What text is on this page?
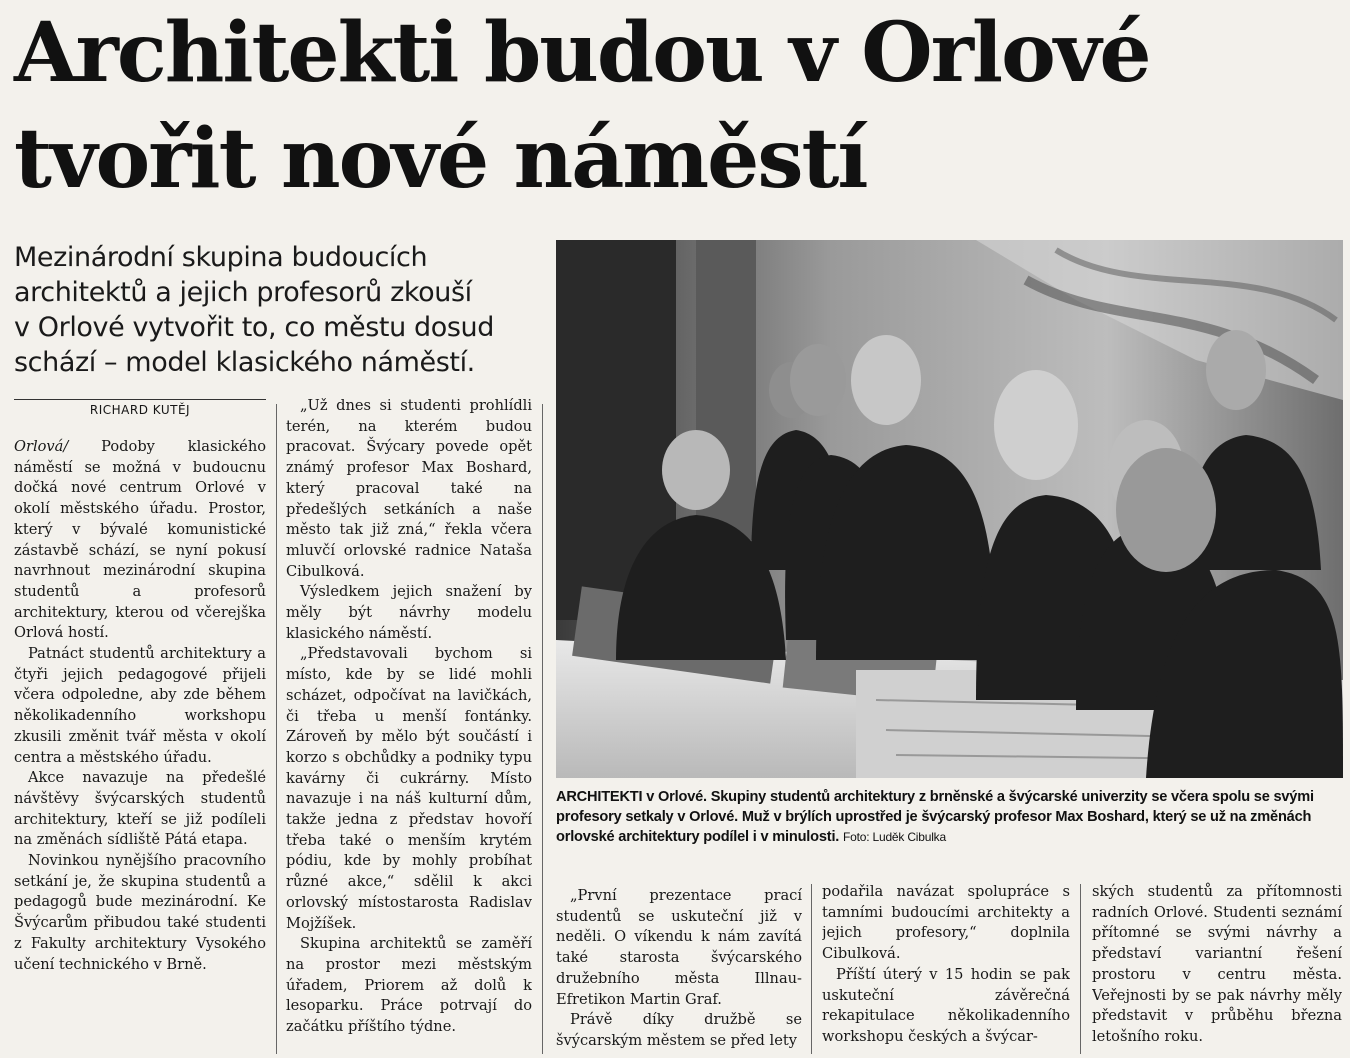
Architekti budou v Orlové
tvořit nové náměstí
Mezinárodní skupina budoucích
architektů a jejich profesorů zkouší
v Orlové vytvořit to, co městu dosud
schází – model klasického náměstí.
RICHARD KUTĚJ
Orlová/ Podoby klasického náměstí se možná v budoucnu dočká nové centrum Orlové v okolí městského úřadu. Prostor, který v bývalé komunistické zástavbě schází, se nyní pokusí navrhnout mezinárodní skupina studentů a profesorů architektury, kterou od včerejška Orlová hostí.
Patnáct studentů architektury a čtyři jejich pedagogové přijeli včera odpoledne, aby zde během několikadenního workshopu zkusili změnit tvář města v okolí centra a městského úřadu.
Akce navazuje na předešlé návštěvy švýcarských studentů architektury, kteří se již podíleli na změnách sídliště Pátá etapa.
Novinkou nynějšího pracovního setkání je, že skupina studentů a pedagogů bude mezinárodní. Ke Švýcarům přibudou také studenti z Fakulty architektury Vysokého učení technického v Brně.
„Už dnes si studenti prohlídli terén, na kterém budou pracovat. Švýcary povede opět známý profesor Max Boshard, který pracoval také na předešlých setkáních a naše město tak již zná,“ řekla včera mluvčí orlovské radnice Nataša Cibulková.
Výsledkem jejich snažení by měly být návrhy modelu klasického náměstí.
„Představovali bychom si místo, kde by se lidé mohli scházet, odpočívat na lavičkách, či třeba u menší fontánky. Zároveň by mělo být součástí i korzo s obchůdky a podniky typu kavárny či cukrárny. Místo navazuje i na náš kulturní dům, takže jedna z představ hovoří třeba také o menším krytém pódiu, kde by mohly probíhat různé akce,“ sdělil k akci orlovský místostarosta Radislav Mojžíšek.
Skupina architektů se zaměří na prostor mezi městským úřadem, Priorem až dolů k lesoparku. Práce potrvají do začátku příštího týdne.
ARCHITEKTI v Orlové. Skupiny studentů architektury z brněnské a švýcarské univerzity se včera spolu se svými profesory setkaly v Orlové. Muž v brýlích uprostřed je švýcarský profesor Max Boshard, který se už na změnách orlovské architektury podílel i v minulosti. Foto: Luděk Cibulka
„První prezentace prací studentů se uskuteční již v neděli. O víkendu k nám zavítá také starosta švýcarského družebního města Illnau-Efretikon Martin Graf.
Právě díky družbě se švýcarským městem se před lety
podařila navázat spolupráce s tamními budoucími architekty a jejich profesory,“ doplnila Cibulková.
Příští úterý v 15 hodin se pak uskuteční závěrečná rekapitulace několikadenního workshopu českých a švýcar-
ských studentů za přítomnosti radních Orlové. Studenti seznámí přítomné se svými návrhy a představí variantní řešení prostoru v centru města. Veřejnosti by se pak návrhy měly představit v průběhu března letošního roku.
